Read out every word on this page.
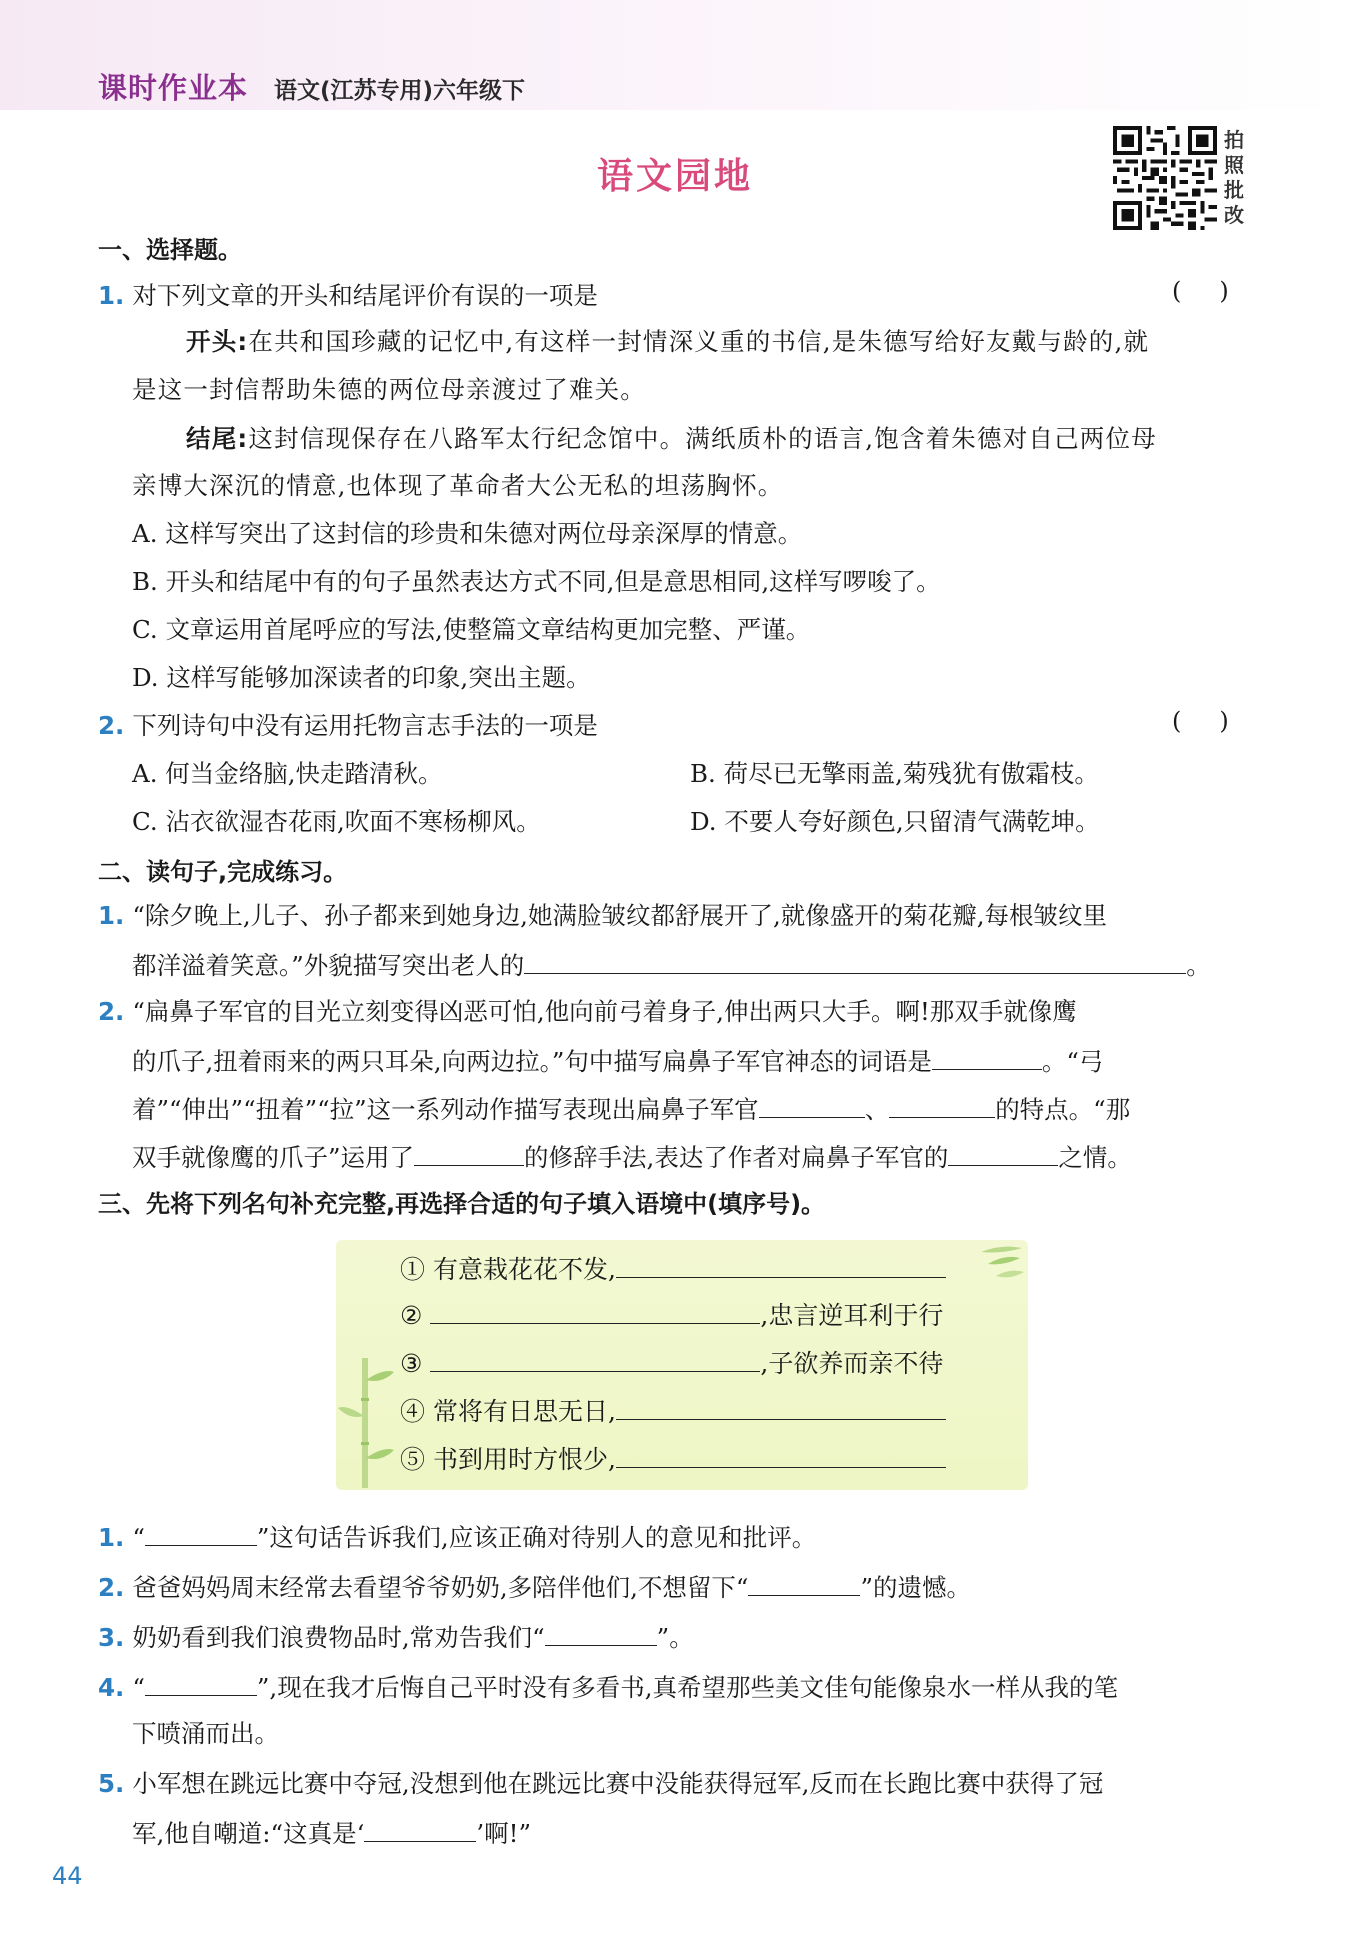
课时作业本 语文(江苏专用)六年级下
语文园地
拍
照
批
改
一、选择题。
1. 对下列文章的开头和结尾评价有误的一项是	()
开头:在共和国珍藏的记忆中,有这样一封情深义重的书信,是朱德写给好友戴与龄的,就
是这一封信帮助朱德的两位母亲渡过了难关。
结尾:这封信现保存在八路军太行纪念馆中。满纸质朴的语言,饱含着朱德对自己两位母
亲博大深沉的情意,也体现了革命者大公无私的坦荡胸怀。
A. 这样写突出了这封信的珍贵和朱德对两位母亲深厚的情意。
B. 开头和结尾中有的句子虽然表达方式不同,但是意思相同,这样写啰唆了。
C. 文章运用首尾呼应的写法,使整篇文章结构更加完整、严谨。
D. 这样写能够加深读者的印象,突出主题。
2. 下列诗句中没有运用托物言志手法的一项是	()
A. 何当金络脑,快走踏清秋。	B. 荷尽已无擎雨盖,菊残犹有傲霜枝。
C. 沾衣欲湿杏花雨,吹面不寒杨柳风。	D. 不要人夸好颜色,只留清气满乾坤。
二、读句子,完成练习。
1. “除夕晚上,儿子、孙子都来到她身边,她满脸皱纹都舒展开了,就像盛开的菊花瓣,每根皱纹里
都洋溢着笑意。”外貌描写突出老人的	。
2. “扁鼻子军官的目光立刻变得凶恶可怕,他向前弓着身子,伸出两只大手。啊!那双手就像鹰
的爪子,扭着雨来的两只耳朵,向两边拉。”句中描写扁鼻子军官神态的词语是	。“弓
着”“伸出”“扭着”“拉”这一系列动作描写表现出扁鼻子军官	、	的特点。“那
双手就像鹰的爪子”运用了	的修辞手法,表达了作者对扁鼻子军官的	之情。
三、先将下列名句补充完整,再选择合适的句子填入语境中(填序号)。
① 有意栽花花不发,
②	,忠言逆耳利于行
③	,子欲养而亲不待
④ 常将有日思无日,
⑤ 书到用时方恨少,
1. “	”这句话告诉我们,应该正确对待别人的意见和批评。
2. 爸爸妈妈周末经常去看望爷爷奶奶,多陪伴他们,不想留下“	”的遗憾。
3. 奶奶看到我们浪费物品时,常劝告我们“	”。
4. “	”,现在我才后悔自己平时没有多看书,真希望那些美文佳句能像泉水一样从我的笔
下喷涌而出。
5. 小军想在跳远比赛中夺冠,没想到他在跳远比赛中没能获得冠军,反而在长跑比赛中获得了冠
军,他自嘲道:“这真是‘	’啊!”
44
